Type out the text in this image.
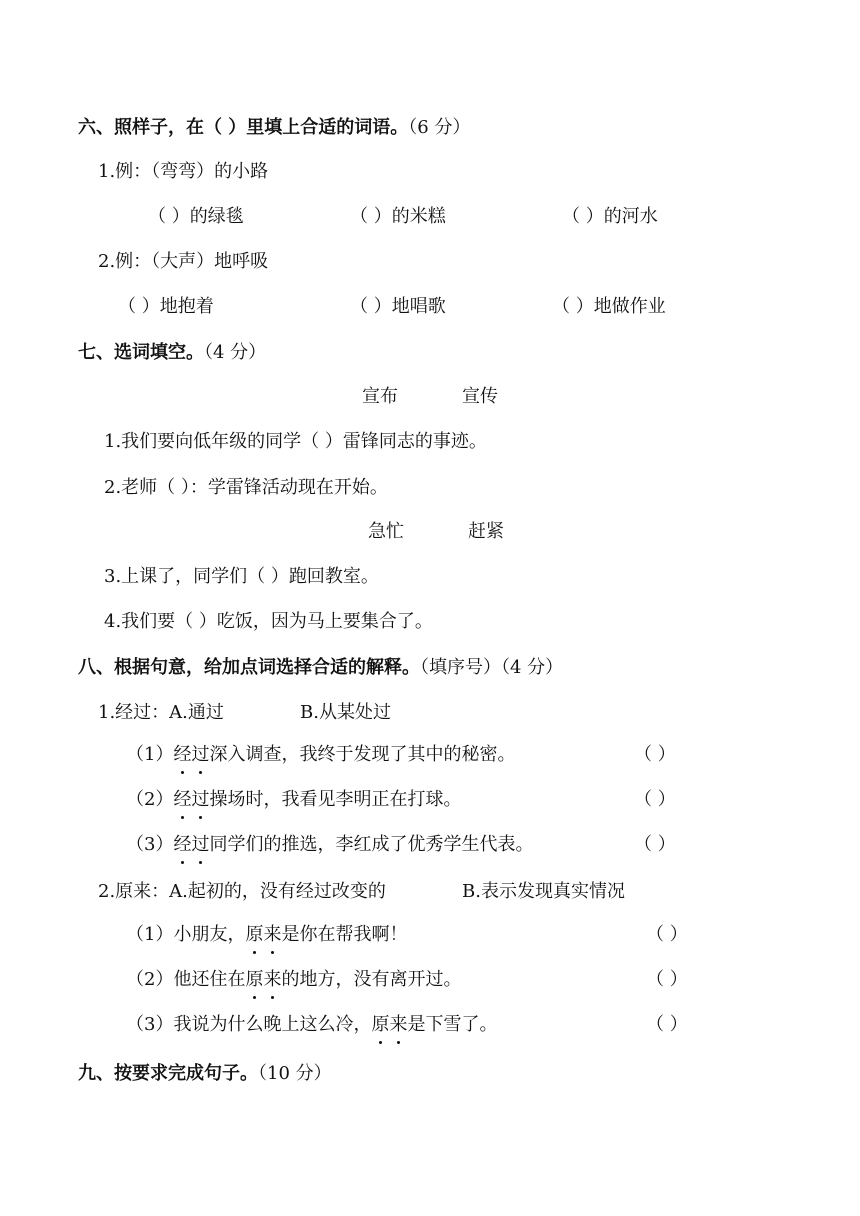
六、照样子，在（ ）里填上合适的词语。（6 分）
1.例：（弯弯）的小路
（ ）的绿毯	（ ）的米糕	（ ）的河水
2.例：（大声）地呼吸
（ ）地抱着	（ ）地唱歌	（ ）地做作业
七、选词填空。（4 分）
宣布	宣传
1.我们要向低年级的同学（ ）雷锋同志的事迹。
2.老师（ ）：学雷锋活动现在开始。
急忙	赶紧
3.上课了，同学们（ ）跑回教室。
4.我们要（ ）吃饭，因为马上要集合了。
八、根据句意，给加点词选择合适的解释。（填序号）（4 分）
1.经过：A.通过	B.从某处过
（1）经过深入调查，我终于发现了其中的秘密。	（ ）
（2）经过操场时，我看见李明正在打球。	（ ）
（3）经过同学们的推选，李红成了优秀学生代表。	（ ）
2.原来：A.起初的，没有经过改变的	B.表示发现真实情况
（1）小朋友，原来是你在帮我啊！	（ ）
（2）他还住在原来的地方，没有离开过。	（ ）
（3）我说为什么晚上这么冷，原来是下雪了。	（ ）
九、按要求完成句子。（10 分）
